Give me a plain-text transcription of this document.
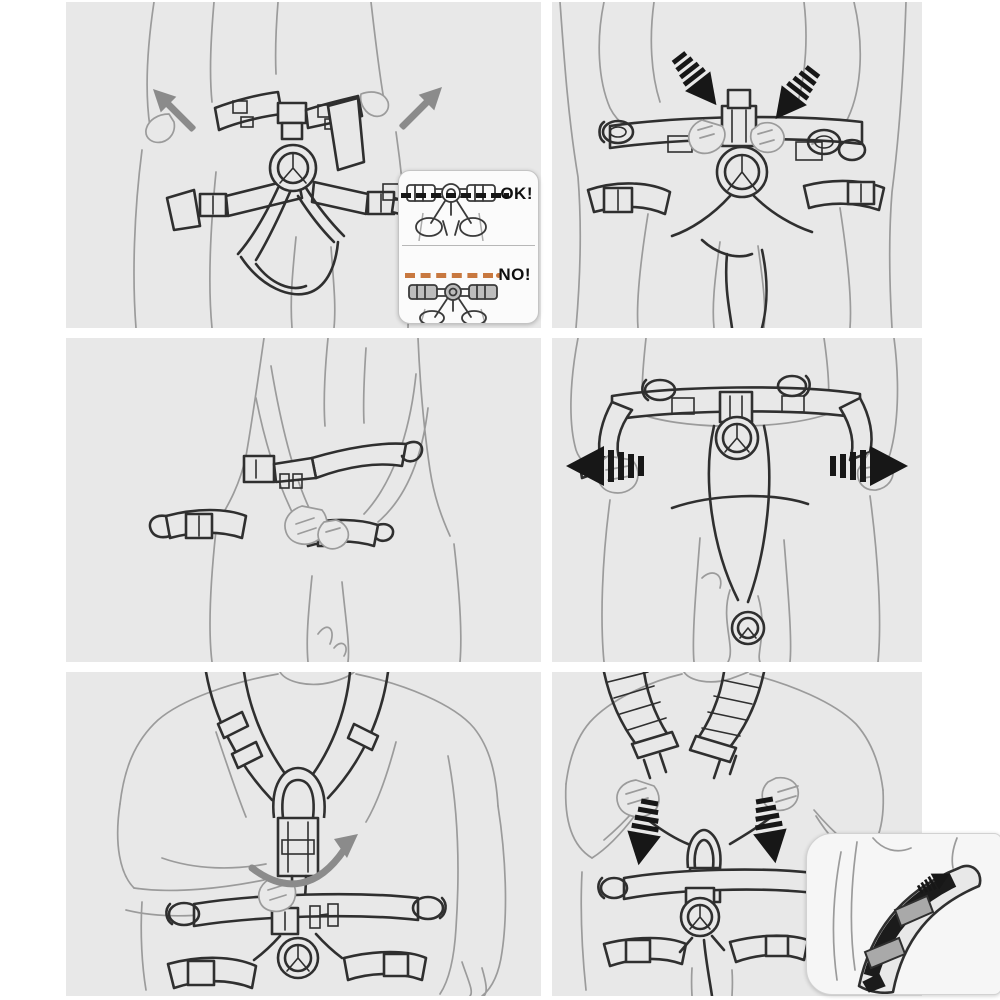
OK!
NO!
